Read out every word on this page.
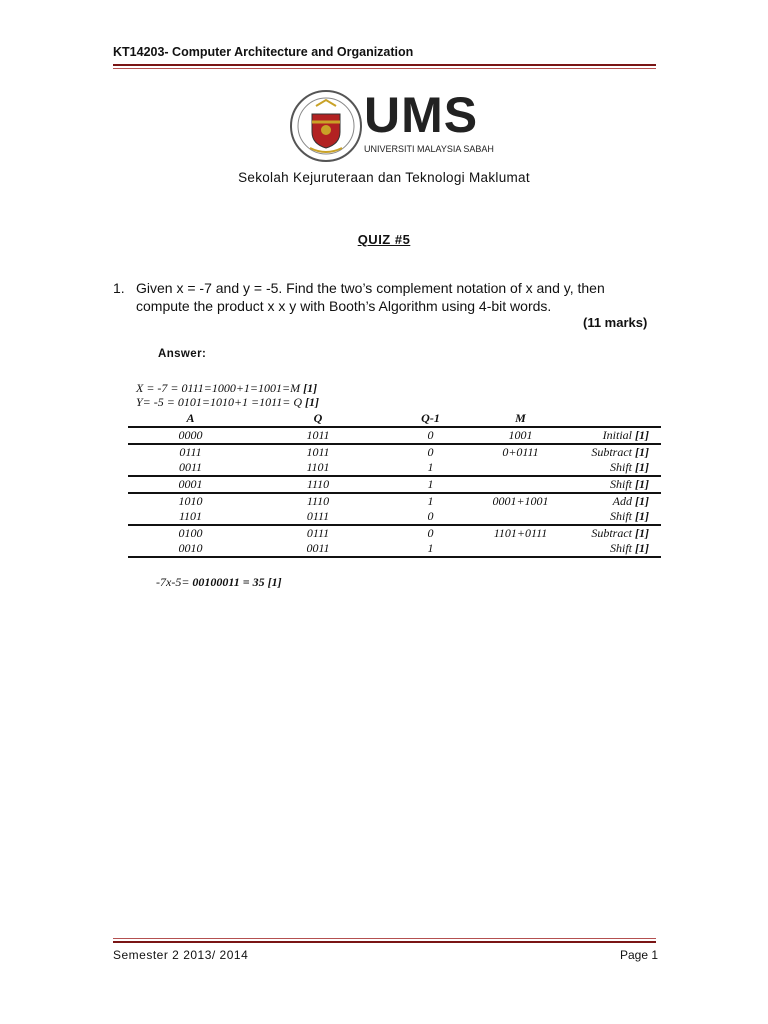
KT14203- Computer Architecture and Organization
UMS
UNIVERSITI MALAYSIA SABAH
Sekolah Kejuruteraan dan Teknologi Maklumat
QUIZ #5
1. Given x = -7 and y = -5. Find the two’s complement notation of x and y, then
compute the product x x y with Booth’s Algorithm using 4-bit words.
(11 marks)
Answer:
X = -7 = 0111=1000+1=1001=M [1]
Y= -5 = 0101=1010+1 =1011= Q [1]
A	Q	Q-1	M	
0000	1011	0	1001	Initial [1]
0111	1011	0	0+0111	Subtract [1]
0011	1101	1		Shift [1]
0001	1110	1		Shift [1]
1010	1110	1	0001+1001	Add [1]
1101	0111	0		Shift [1]
0100	0111	0	1101+0111	Subtract [1]
0010	0011	1		Shift [1]
-7x-5= 00100011 = 35 [1]
Semester 2 2013/ 2014	Page 1
